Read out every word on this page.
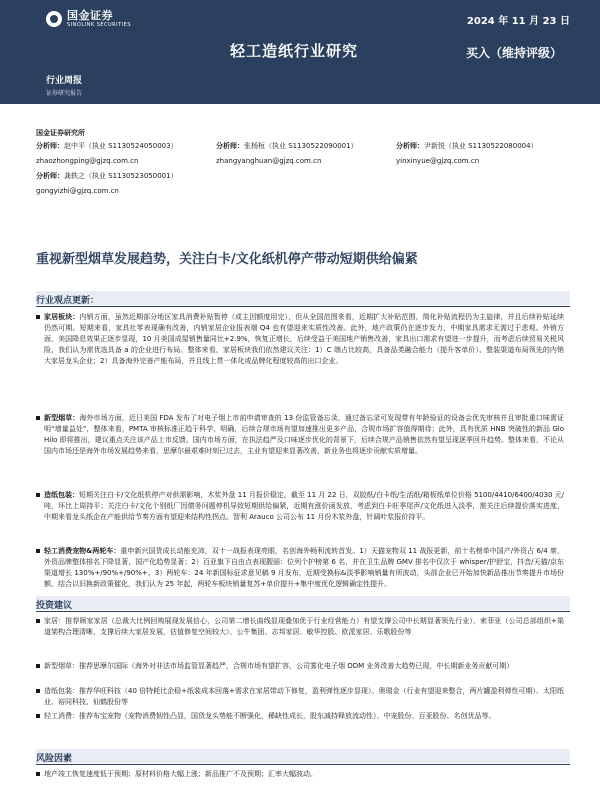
国金证券
SINOLINK SECURITIES	2024 年 11 月 23 日
轻工造纸行业研究	买入（维持评级）
行业周报
证券研究报告
国金证券研究所
分析师：赵中平（执业 S1130524050003）	分析师：张杨桓（执业 S1130522090001）	分析师：尹新悦（执业 S1130522080004）
zhaozhongping@gjzq.com.cn	zhangyanghuan@gjzq.com.cn	yinxinyue@gjzq.com.cn
分析师：龚轶之（执业 S1130523050001）
gongyizhi@gjzq.com.cn
重视新型烟草发展趋势，关注白卡/文化纸机停产带动短期供给偏紧
行业观点更新：
家居板块：内销方面，虽然近期部分地区家具消费补贴暂停（或主因额度用完），但从全国范围来看，近期扩大补贴范围、简化补贴流程仍为主旋律，并且后续补贴延续仍然可期。短期来看，家具社零表现确有改善，内销家居企业报表端 Q4 也有望迎来实质性改善。此外，地产政策仍在逐步发力，中期家具需求无需过于悲观。外销方面，美国降息效果正逐步显现，10 月美国成屋销售量同比+2.9%，恢复正增长，后续受益于美国地产销售改善，家具出口需求有望进一步提升，而考虑后续贸易关税风险，我们认为需优选具备 a 的企业进行布局。整体来看，家居板块我们依然建议关注：1）C 端占比较高，具备品类融合能力（提升客单价）、整装渠道布局领先的内销大家居龙头企业；2）具备海外完善产能布局，并且线上贯一体化或品牌化程度较高的出口企业。
新型烟草：海外市场方面，近日美国 FDA 发布了对电子烟上市前申请审查的 13 份监管备忘录，通过备忘录可发现带有年龄验证的设备会优先审核并且审批重口味需证明“增量益处”，整体来看，PMTA 审核标准正趋于科学、明确，后续合规市场有望加速推出更多产品，合规市场扩容值得期待；此外，具有优质 HNB 突破性的新品 Glo Hilo 即将推出，建议重点关注该产品上市反馈。国内市场方面，在执法趋严及口味逐步优化的背景下，后续合规产品销售依然有望呈现逐季回升趋势。整体来看，不论从国内市场还是海外市场发展趋势来看，思摩尔最艰难时刻已过去，主业有望迎来显著改善，新业务也将逐步贡献实质增量。
造纸包装：短期关注白卡/文化纸机停产对供需影响，木浆外盘 11 月报价稳定。截至 11 月 22 日，双胶纸/白卡纸/生活纸/箱板纸单位价格 5100/4410/6400/4030 元/吨，环比上周持平；关注白卡/文化个别纸厂因债务问题停机导致短期供给偏紧，近期有涨价函发放，考虑到白卡旺季尾声/文化纸进入淡季，需关注后续提价落实进度，中期来看龙头纸企在产能供给节奏方面有望迎来结构性拐点。智利 Arauco 公司公布 11 月份木浆外盘，针阔叶浆报价持平。
轻工消费宠物&两轮车：重申新兴国货成长动能充沛，双十一战报表现亮眼，名创海外畅利流转首发。1）天猫宠物双 11 战报更新，前十名榜单中国产/外资占 6/4 席，外资品牌整体排名下降显著，国产化趋势显著；2）百亚旗下自由点表现靓丽：位列个护榜第 6 名，并在卫生品牌 GMV 排名中仅次于 whisper/护舒宝，抖音/天猫/京东渠道增长 130%+/90%+/90%+。3）两轮车：24 年新国标征求意见稿 9 月发布，近期受换标&淡季影响销量有所波动，头部企业已开始加快新品推出节奏提升市场份额，结合以旧换新政策催化，我们认为 25 年起，两轮车板块销量复苏+单价提升+集中度优化逻辑确定性提升。
投资建议
家居：推荐顾家家居（总裁大比例回购展现发展信心，公司第二增长曲线显现叠加优于行业经营能力）有望支撑公司中长期显著领先行业），索菲亚（公司总部组织+渠道架构合理清晰，支撑后续大家居发展，估值修复空间较大）、公牛集团、志邦家居、敏华控股、欧派家居、乐歌股份等
新型烟草：推荐思摩尔国际（海外对非法市场监管显著趋严，合规市场有望扩容，公司雾化电子烟 ODM 业务改善大趋势已现，中长期新业务贡献可期）
造纸包装：推荐华旺科技（40 倍特耗比企稳+纸装成本回落+需求在家居带动下修复，盈利弹性逐步显现）、奥瑞金（行业有望迎来整合，两片罐盈利弹性可期）、太阳纸业、裕同科技、仙鹤股份等
轻工消费：推荐布宝宠物（宠物消费韧性凸显，国货龙头势能不断强化，稀缺性成长，股东减持释放流动性）、中宠股份、百亚股份、名创优品等。
风险因素
地产竣工恢复速度低于预期；原材料价格大幅上涨；新品推广不及预期；汇率大幅波动。
